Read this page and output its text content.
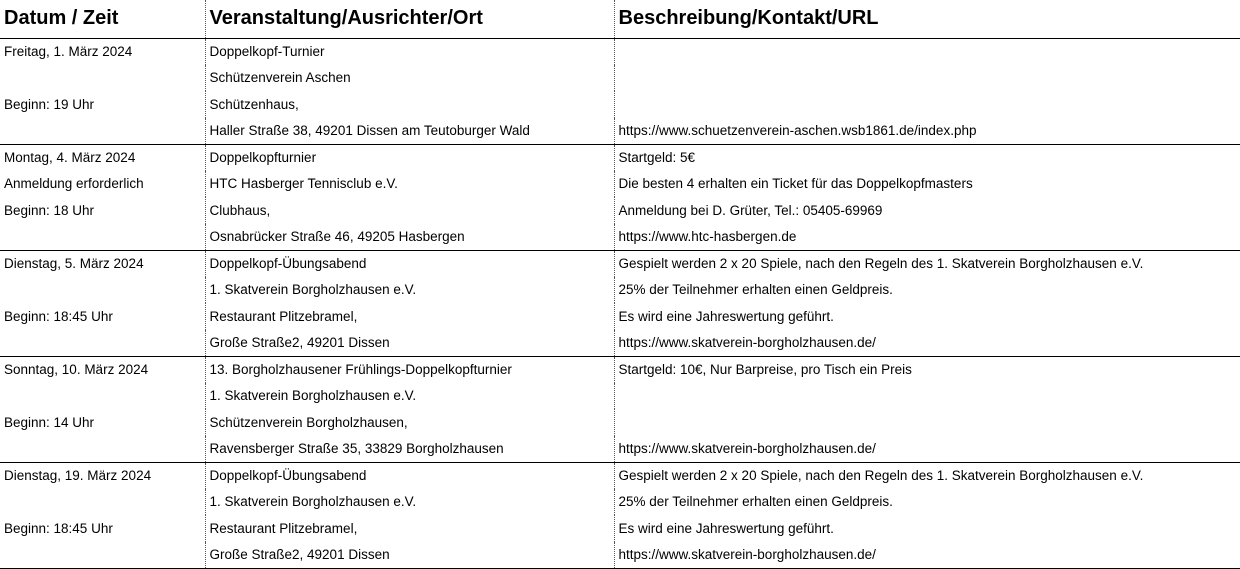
Datum / Zeit	Veranstaltung/Ausrichter/Ort	Beschreibung/Kontakt/URL
Freitag, 1. März 2024	Doppelkopf-Turnier	
	Schützenverein Aschen	
Beginn: 19 Uhr	Schützenhaus,	
	Haller Straße 38, 49201 Dissen am Teutoburger Wald	https://www.schuetzenverein-aschen.wsb1861.de/index.php
Montag, 4. März 2024	Doppelkopfturnier	Startgeld: 5€
Anmeldung erforderlich	HTC Hasberger Tennisclub e.V.	Die besten 4 erhalten ein Ticket für das Doppelkopfmasters
Beginn: 18 Uhr	Clubhaus,	Anmeldung bei D. Grüter, Tel.: 05405-69969
	Osnabrücker Straße 46, 49205 Hasbergen	https://www.htc-hasbergen.de
Dienstag, 5. März 2024	Doppelkopf-Übungsabend	Gespielt werden 2 x 20 Spiele, nach den Regeln des 1. Skatverein Borgholzhausen e.V.
	1. Skatverein Borgholzhausen e.V.	25% der Teilnehmer erhalten einen Geldpreis.
Beginn: 18:45 Uhr	Restaurant Plitzebramel,	Es wird eine Jahreswertung geführt.
	Große Straße2, 49201 Dissen	https://www.skatverein-borgholzhausen.de/
Sonntag, 10. März 2024	13. Borgholzhausener Frühlings-Doppelkopfturnier	Startgeld: 10€, Nur Barpreise, pro Tisch ein Preis
	1. Skatverein Borgholzhausen e.V.	
Beginn: 14 Uhr	Schützenverein Borgholzhausen,	
	Ravensberger Straße 35, 33829 Borgholzhausen	https://www.skatverein-borgholzhausen.de/
Dienstag, 19. März 2024	Doppelkopf-Übungsabend	Gespielt werden 2 x 20 Spiele, nach den Regeln des 1. Skatverein Borgholzhausen e.V.
	1. Skatverein Borgholzhausen e.V.	25% der Teilnehmer erhalten einen Geldpreis.
Beginn: 18:45 Uhr	Restaurant Plitzebramel,	Es wird eine Jahreswertung geführt.
	Große Straße2, 49201 Dissen	https://www.skatverein-borgholzhausen.de/
